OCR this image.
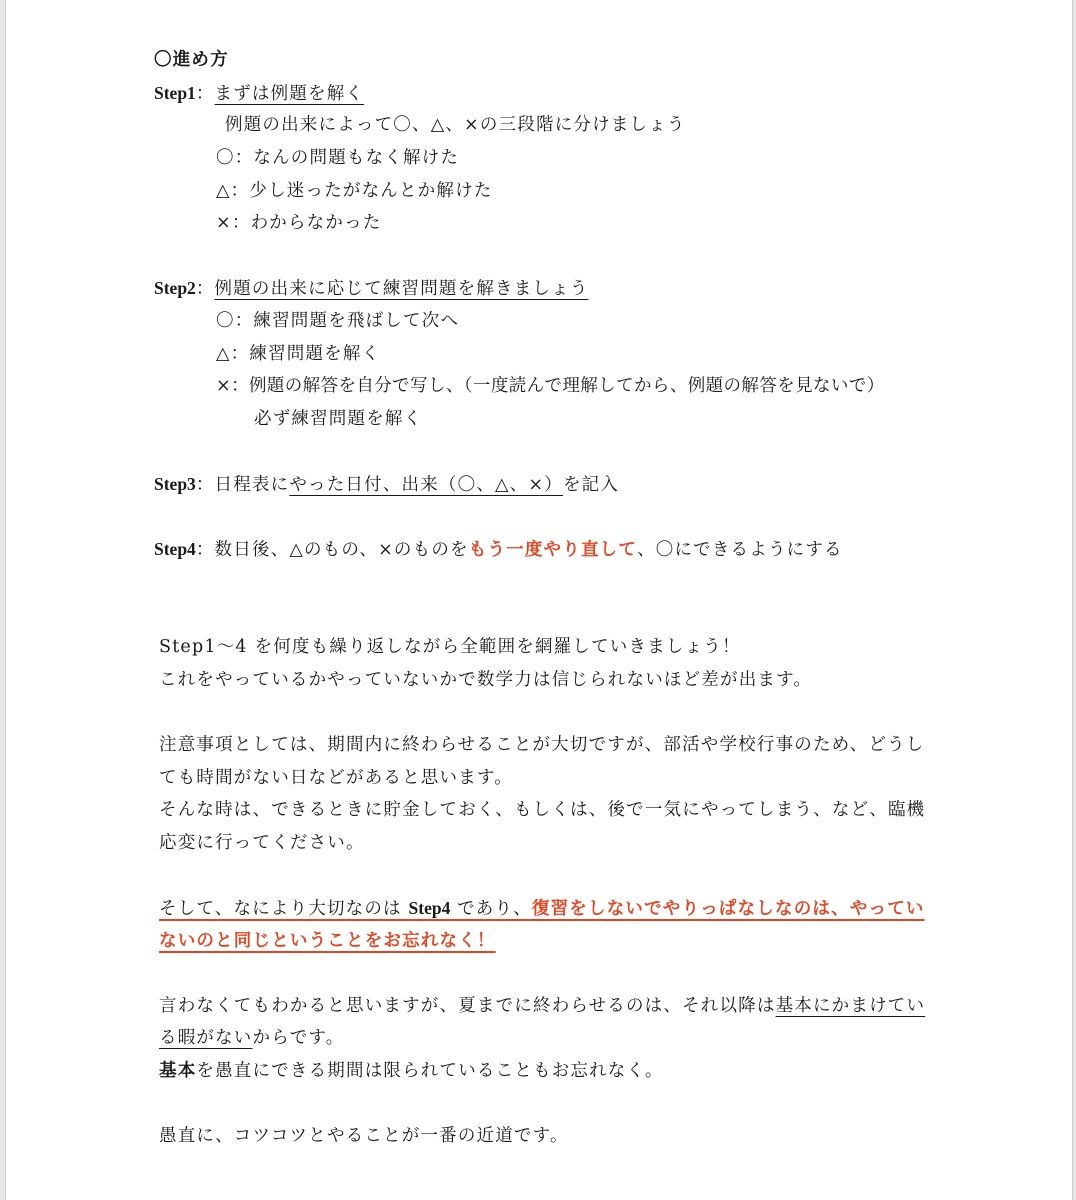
〇進め方
Step1：まずは例題を解く
例題の出来によって〇、△、×の三段階に分けましょう
〇：なんの問題もなく解けた
△：少し迷ったがなんとか解けた
×：わからなかった
Step2：例題の出来に応じて練習問題を解きましょう
〇：練習問題を飛ばして次へ
△：練習問題を解く
×：例題の解答を自分で写し、（一度読んで理解してから、例題の解答を見ないで）
必ず練習問題を解く
Step3：日程表にやった日付、出来（〇、△、×）を記入
Step4：数日後、△のもの、×のものをもう一度やり直して、〇にできるようにする
Step1〜4 を何度も繰り返しながら全範囲を網羅していきましょう！
これをやっているかやっていないかで数学力は信じられないほど差が出ます。
注意事項としては、期間内に終わらせることが大切ですが、部活や学校行事のため、どうし
ても時間がない日などがあると思います。
そんな時は、できるときに貯金しておく、もしくは、後で一気にやってしまう、など、臨機
応変に行ってください。
そして、なにより大切なのは Step4 であり、復習をしないでやりっぱなしなのは、やってい
ないのと同じということをお忘れなく！
言わなくてもわかると思いますが、夏までに終わらせるのは、それ以降は基本にかまけてい
る暇がないからです。
基本を愚直にできる期間は限られていることもお忘れなく。
愚直に、コツコツとやることが一番の近道です。
